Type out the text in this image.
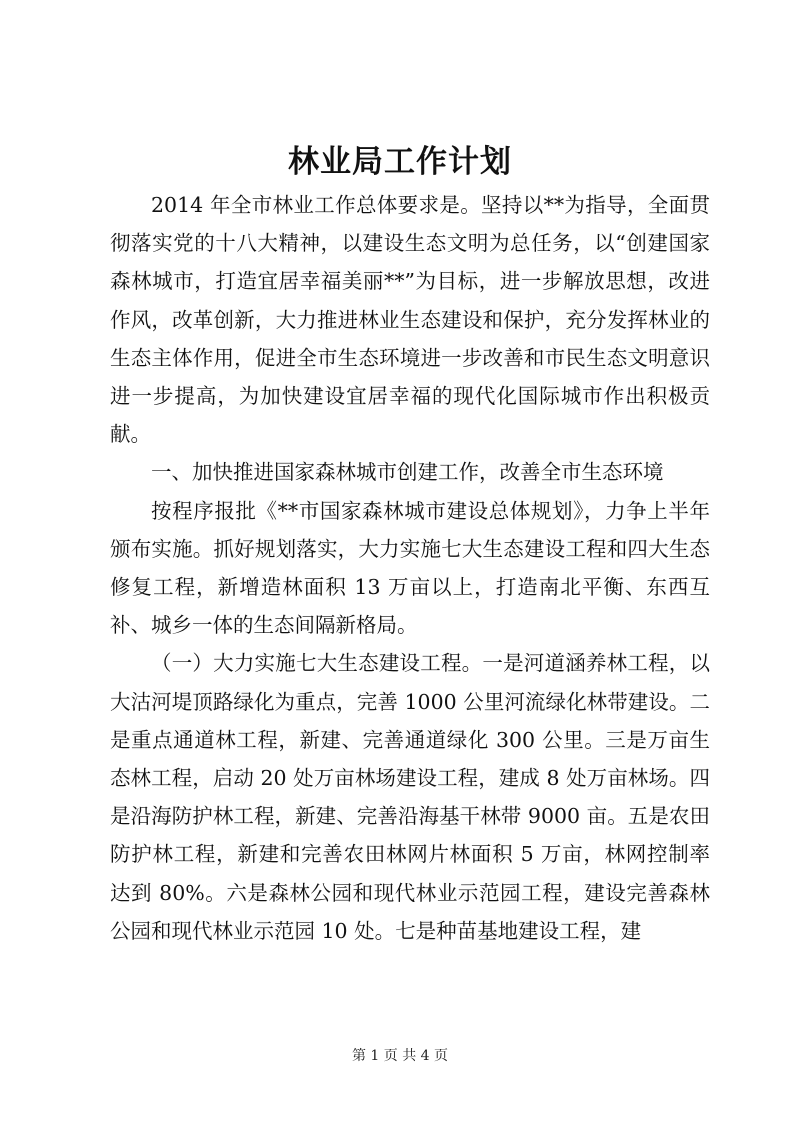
林业局工作计划

2014 年全市林业工作总体要求是。坚持以**为指导，全面贯彻落实党的十八大精神，以建设生态文明为总任务，以“创建国家森林城市，打造宜居幸福美丽**”为目标，进一步解放思想，改进作风，改革创新，大力推进林业生态建设和保护，充分发挥林业的生态主体作用，促进全市生态环境进一步改善和市民生态文明意识进一步提高，为加快建设宜居幸福的现代化国际城市作出积极贡献。

一、加快推进国家森林城市创建工作，改善全市生态环境

按程序报批《**市国家森林城市建设总体规划》，力争上半年颁布实施。抓好规划落实，大力实施七大生态建设工程和四大生态修复工程，新增造林面积 13 万亩以上，打造南北平衡、东西互补、城乡一体的生态间隔新格局。

（一）大力实施七大生态建设工程。一是河道涵养林工程，以大沽河堤顶路绿化为重点，完善 1000 公里河流绿化林带建设。二是重点通道林工程，新建、完善通道绿化 300 公里。三是万亩生态林工程，启动 20 处万亩林场建设工程，建成 8 处万亩林场。四是沿海防护林工程，新建、完善沿海基干林带 9000 亩。五是农田防护林工程，新建和完善农田林网片林面积 5 万亩，林网控制率达到 80%。六是森林公园和现代林业示范园工程，建设完善森林公园和现代林业示范园 10 处。七是种苗基地建设工程，建

第 1 页 共 4 页
